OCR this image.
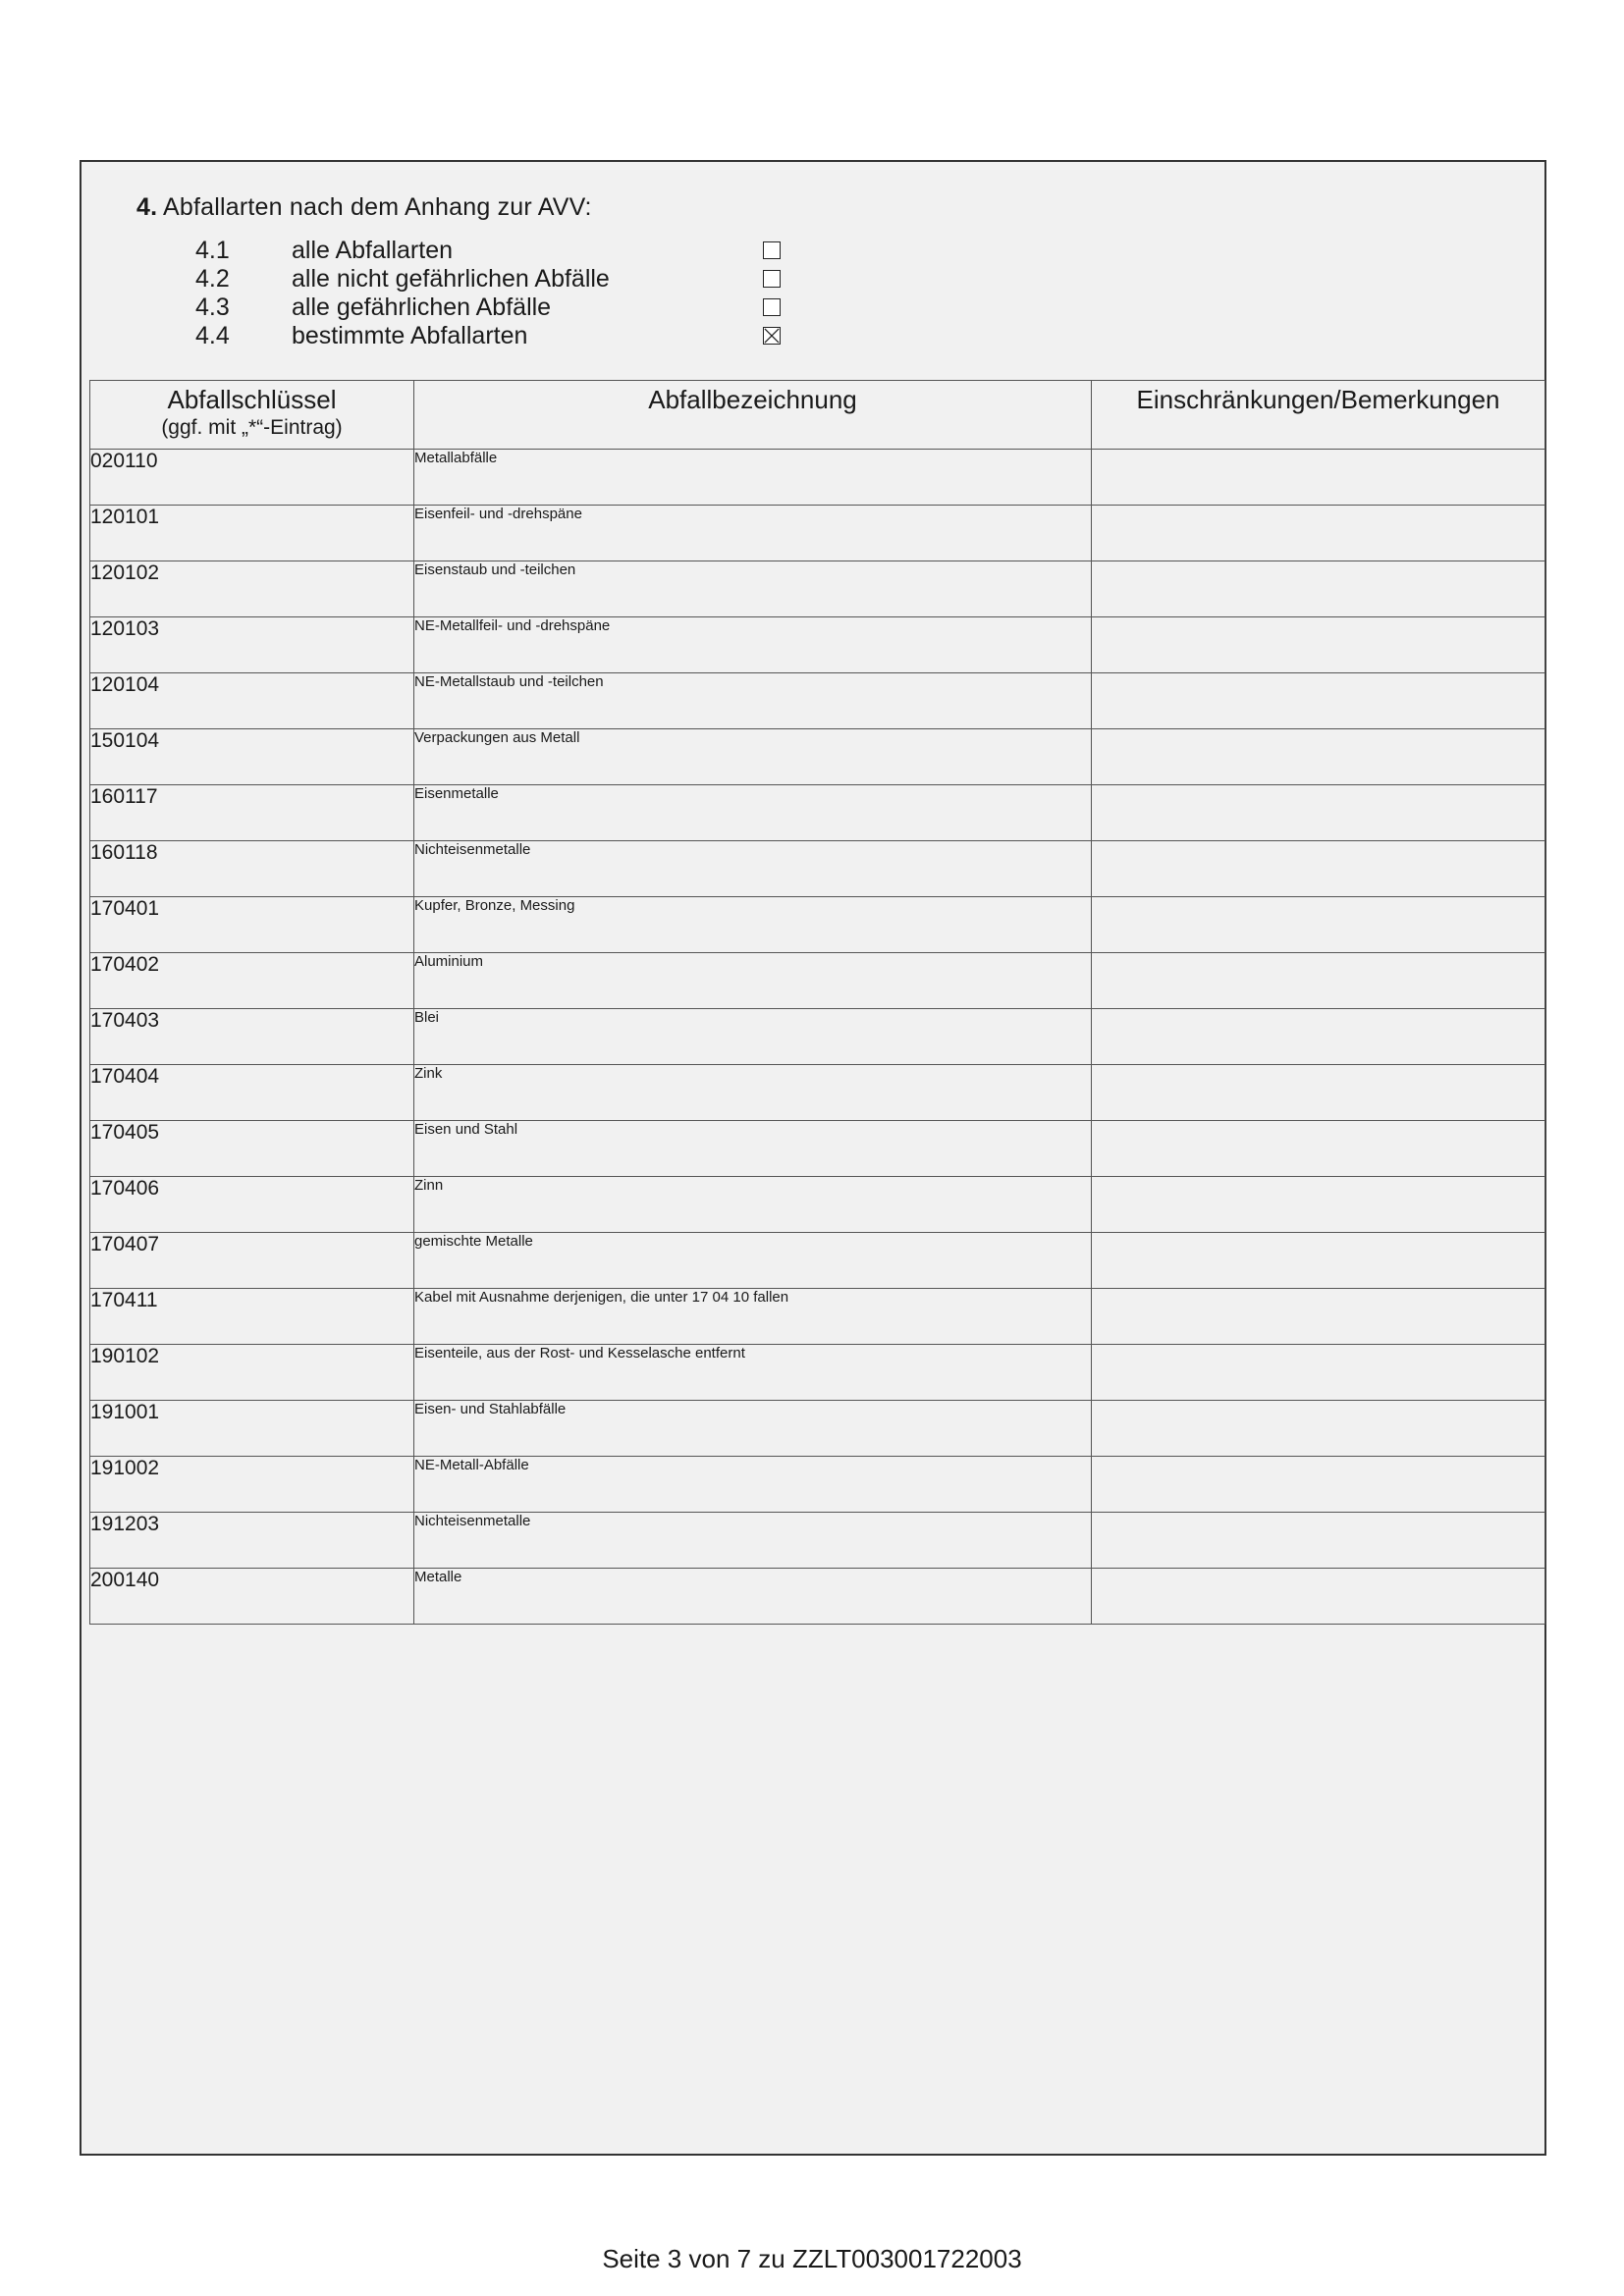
4. Abfallarten nach dem Anhang zur AVV:
4.1	alle Abfallarten
4.2	alle nicht gefährlichen Abfälle
4.3	alle gefährlichen Abfälle
4.4	bestimmte Abfallarten
Abfallschlüssel
(ggf. mit „*“-Eintrag)	Abfallbezeichnung	Einschränkungen/Bemerkungen

020110	Metallabfälle	
120101	Eisenfeil- und -drehspäne	
120102	Eisenstaub und -teilchen	
120103	NE-Metallfeil- und -drehspäne	
120104	NE-Metallstaub und -teilchen	
150104	Verpackungen aus Metall	
160117	Eisenmetalle	
160118	Nichteisenmetalle	
170401	Kupfer, Bronze, Messing	
170402	Aluminium	
170403	Blei	
170404	Zink	
170405	Eisen und Stahl	
170406	Zinn	
170407	gemischte Metalle	
170411	Kabel mit Ausnahme derjenigen, die unter 17 04 10 fallen	
190102	Eisenteile, aus der Rost- und Kesselasche entfernt	
191001	Eisen- und Stahlabfälle	
191002	NE-Metall-Abfälle	
191203	Nichteisenmetalle	
200140	Metalle	
Seite 3 von 7 zu ZZLT003001722003
